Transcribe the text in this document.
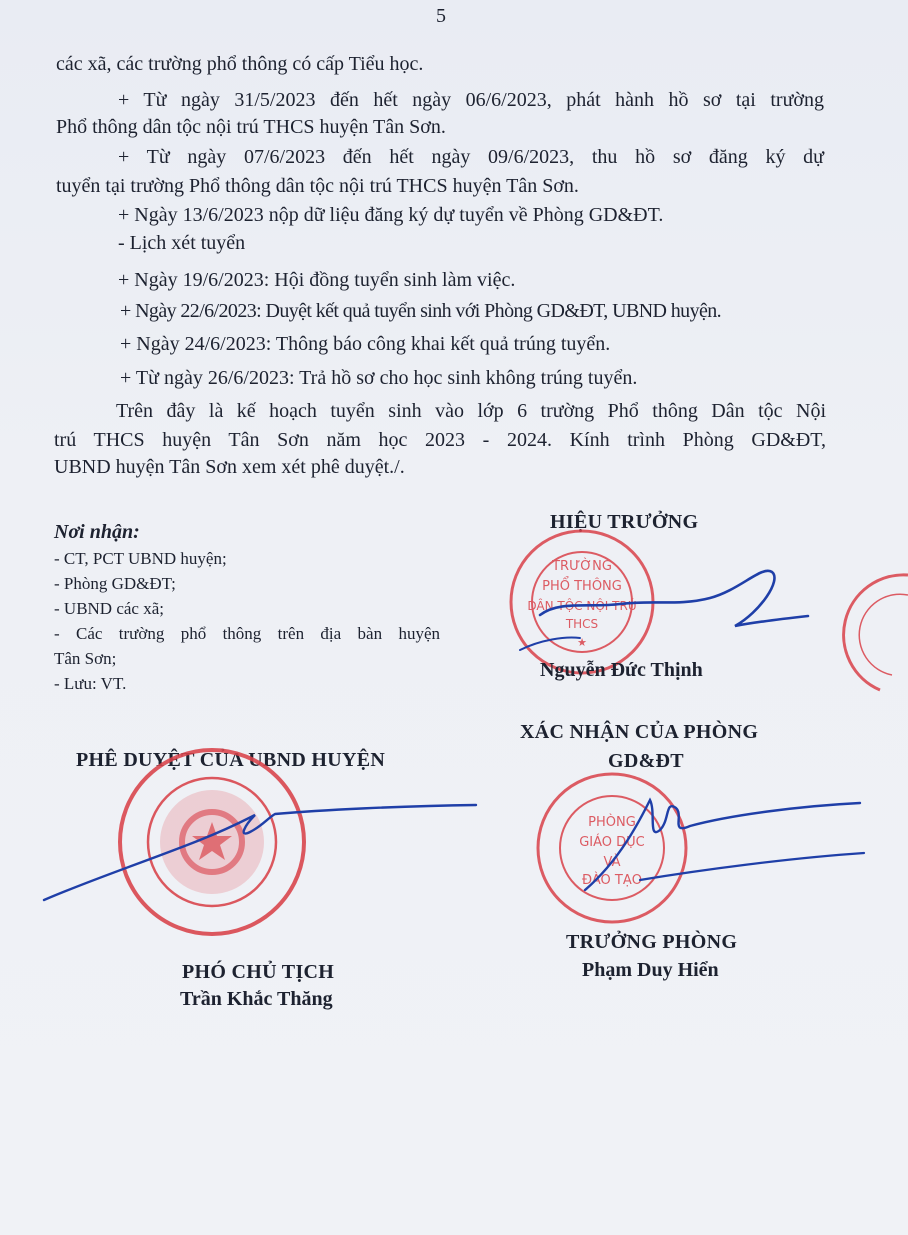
5
các xã, các trường phổ thông có cấp Tiểu học.
+ Từ ngày 31/5/2023 đến hết ngày 06/6/2023, phát hành hồ sơ tại trường
Phổ thông dân tộc nội trú THCS huyện Tân Sơn.
+ Từ ngày 07/6/2023 đến hết ngày 09/6/2023, thu hồ sơ đăng ký dự
tuyển tại trường Phổ thông dân tộc nội trú THCS huyện Tân Sơn.
+ Ngày 13/6/2023 nộp dữ liệu đăng ký dự tuyển về Phòng GD&ĐT.
- Lịch xét tuyển
+ Ngày 19/6/2023: Hội đồng tuyển sinh làm việc.
+ Ngày 22/6/2023: Duyệt kết quả tuyển sinh với Phòng GD&ĐT, UBND huyện.
+ Ngày 24/6/2023: Thông báo công khai kết quả trúng tuyển.
+ Từ ngày 26/6/2023: Trả hồ sơ cho học sinh không trúng tuyển.
Trên đây là kế hoạch tuyển sinh vào lớp 6 trường Phổ thông Dân tộc Nội
trú THCS huyện Tân Sơn năm học 2023 - 2024. Kính trình Phòng GD&ĐT,
UBND huyện Tân Sơn xem xét phê duyệt./.
Nơi nhận:
- CT, PCT UBND huyện;
- Phòng GD&ĐT;
- UBND các xã;
- Các trường phổ thông trên địa bàn huyện
Tân Sơn;
- Lưu: VT.
HIỆU TRƯỞNG
TRƯỜNG
PHỔ THÔNG
DÂN TỘC NỘI TRÚ
THCS
★
Nguyễn Đức Thịnh
PHÊ DUYỆT CỦA UBND HUYỆN
XÁC NHẬN CỦA PHÒNG
GD&ĐT
PHÒNG
GIÁO DỤC
VÀ
ĐÀO TẠO
TRƯỞNG PHÒNG
Phạm Duy Hiển
PHÓ CHỦ TỊCH
Trần Khắc Thăng
